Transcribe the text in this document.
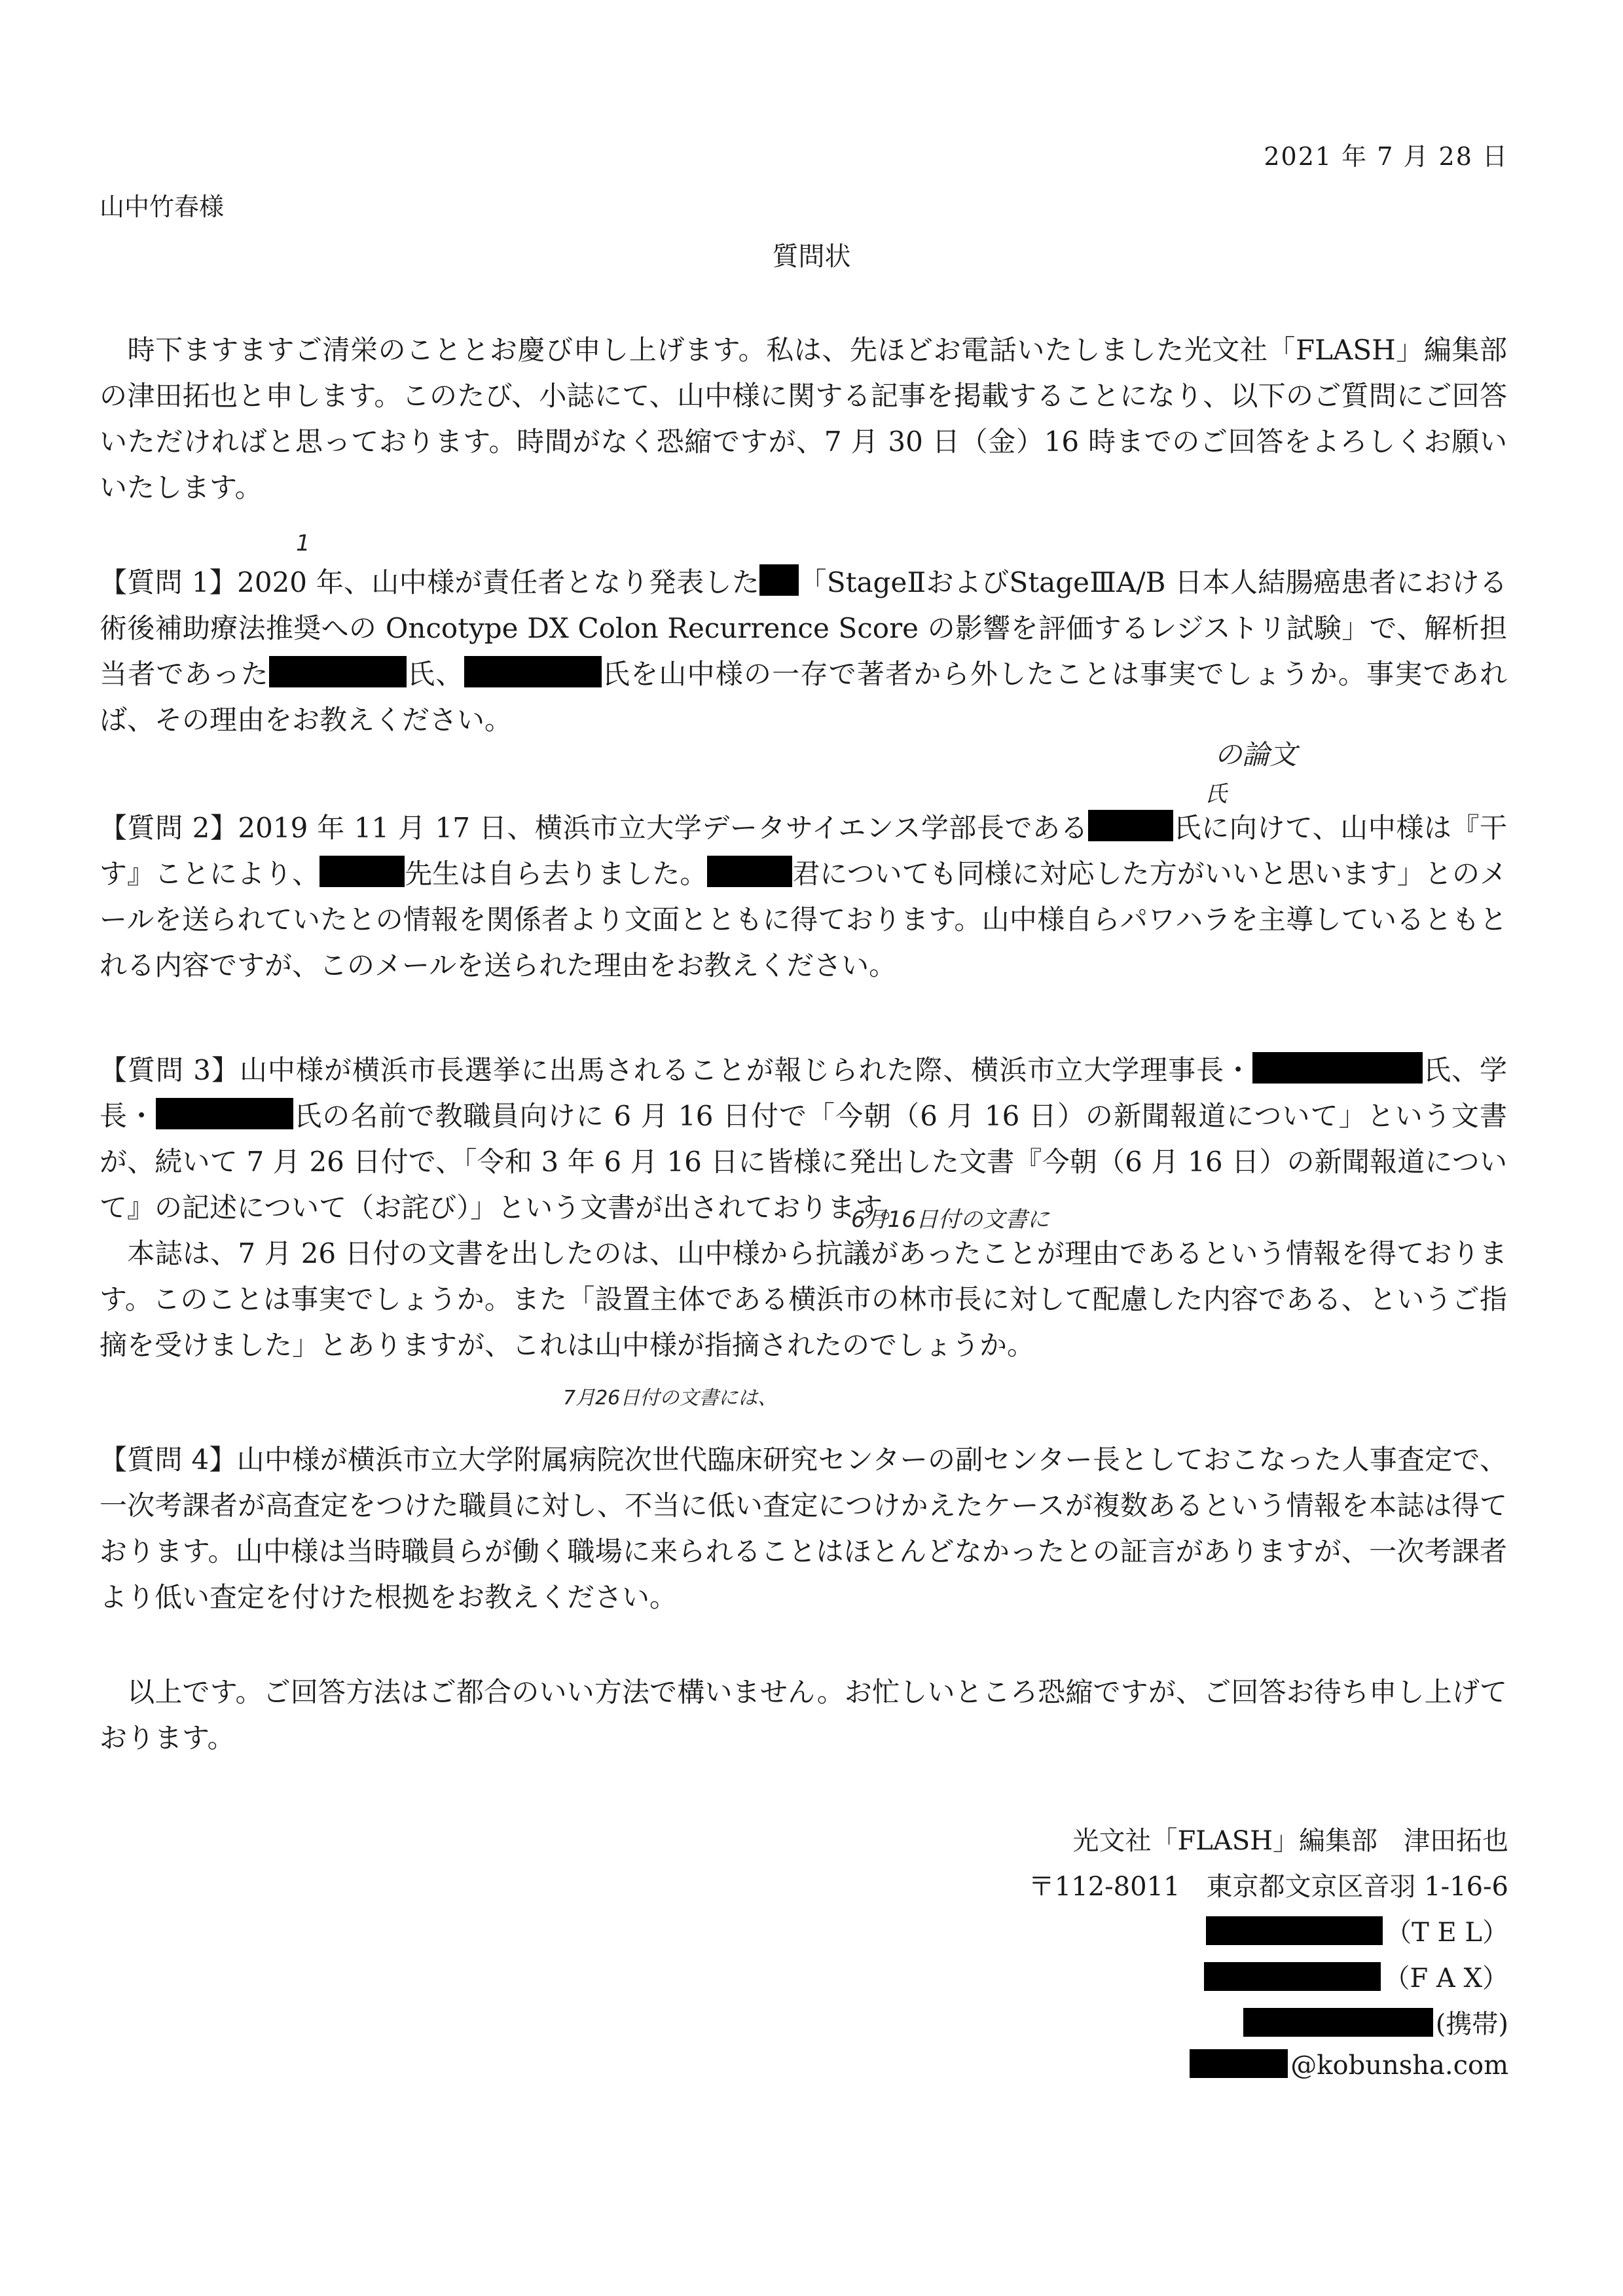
2021 年 7 月 28 日
山中竹春様
質問状
時下ますますご清栄のこととお慶び申し上げます。私は、先ほどお電話いたしました光文社「FLASH」編集部の津田拓也と申します。このたび、小誌にて、山中様に関する記事を掲載することになり、以下のご質問にご回答いただければと思っております。時間がなく恐縮ですが、7 月 30 日（金）16 時までのご回答をよろしくお願いいたします。
【質問 1】2020 年、山中様が責任者となり発表した 「StageⅡおよびStageⅢA/B 日本人結腸癌患者における術後補助療法推奨への Oncotype DX Colon Recurrence Score の影響を評価するレジストリ試験」で、解析担当者であった	氏、	氏を山中様の一存で著者から外したことは事実でしょうか。事実であれば、その理由をお教えください。
【質問 2】2019 年 11 月 17 日、横浜市立大学データサイエンス学部長である	氏に向けて、山中様は『干す』ことにより、	先生は自ら去りました。	君についても同様に対応した方がいいと思います」とのメールを送られていたとの情報を関係者より文面とともに得ております。山中様自らパワハラを主導しているともとれる内容ですが、このメールを送られた理由をお教えください。
【質問 3】山中様が横浜市長選挙に出馬されることが報じられた際、横浜市立大学理事長・	氏、学長・	氏の名前で教職員向けに 6 月 16 日付で「今朝（6 月 16 日）の新聞報道について」という文書が、続いて 7 月 26 日付で、「令和 3 年 6 月 16 日に皆様に発出した文書『今朝（6 月 16 日）の新聞報道について』の記述について（お詫び）」という文書が出されております。
本誌は、7 月 26 日付の文書を出したのは、山中様から抗議があったことが理由であるという情報を得ております。このことは事実でしょうか。また「設置主体である横浜市の林市長に対して配慮した内容である、というご指摘を受けました」とありますが、これは山中様が指摘されたのでしょうか。
【質問 4】山中様が横浜市立大学附属病院次世代臨床研究センターの副センター長としておこなった人事査定で、一次考課者が高査定をつけた職員に対し、不当に低い査定につけかえたケースが複数あるという情報を本誌は得ております。山中様は当時職員らが働く職場に来られることはほとんどなかったとの証言がありますが、一次考課者より低い査定を付けた根拠をお教えください。
以上です。ご回答方法はご都合のいい方法で構いません。お忙しいところ恐縮ですが、ご回答お待ち申し上げております。
1
の論文
氏
6月16日付の文書に
7月26日付の文書には、
光文社「FLASH」編集部　津田拓也
〒112-8011　東京都文京区音羽 1-16-6
（T E L）
（F A X）
(携帯)
@kobunsha.com
